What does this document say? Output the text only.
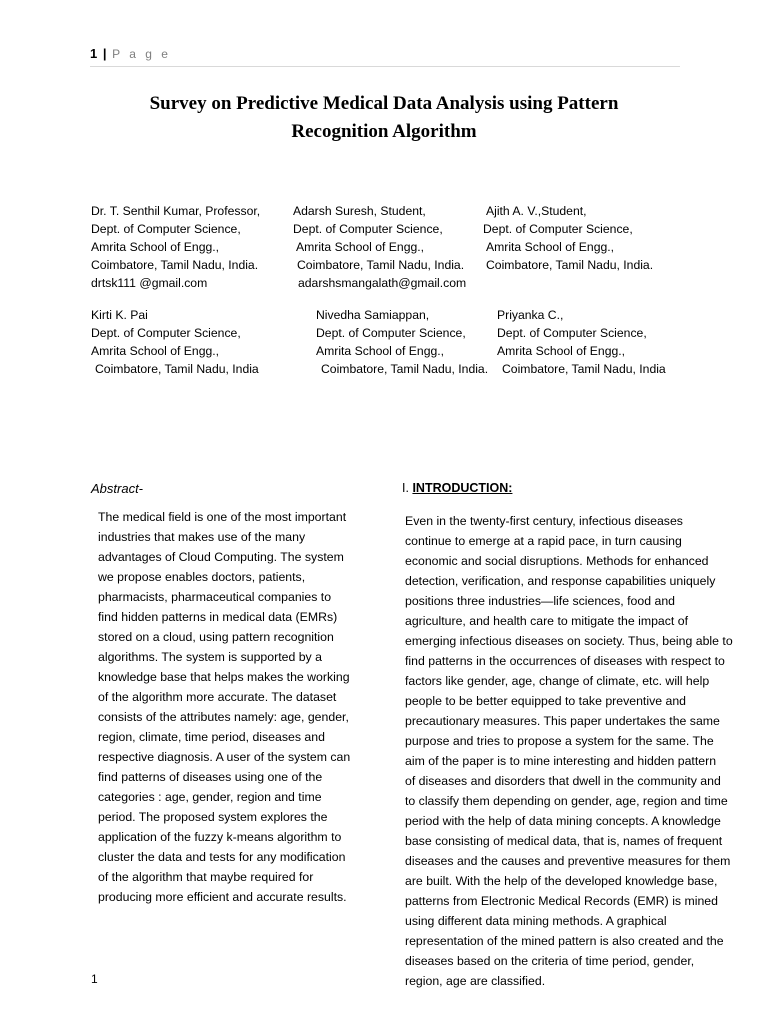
1 | P a g e
Survey on Predictive Medical Data Analysis using Pattern
Recognition Algorithm
Dr. T. Senthil Kumar, Professor,
Dept. of Computer Science,
Amrita School of Engg.,
Coimbatore, Tamil Nadu, India.
drtsk111 @gmail.com
Adarsh Suresh, Student,
Dept. of Computer Science,
Amrita School of Engg.,
Coimbatore, Tamil Nadu, India.
adarshsmangalath@gmail.com
Ajith A. V.,Student,
Dept. of Computer Science,
Amrita School of Engg.,
Coimbatore, Tamil Nadu, India.
Kirti K. Pai
Dept. of Computer Science,
Amrita School of Engg.,
Coimbatore, Tamil Nadu, India
Nivedha Samiappan,
Dept. of Computer Science,
Amrita School of Engg.,
Coimbatore, Tamil Nadu, India.
Priyanka C.,
Dept. of Computer Science,
Amrita School of Engg.,
Coimbatore, Tamil Nadu, India
Abstract-
The medical field is one of the most important
industries that makes use of the many
advantages of Cloud Computing. The system
we propose enables doctors, patients,
pharmacists, pharmaceutical companies to
find hidden patterns in medical data (EMRs)
stored on a cloud, using pattern recognition
algorithms. The system is supported by a
knowledge base that helps makes the working
of the algorithm more accurate. The dataset
consists of the attributes namely: age, gender,
region, climate, time period, diseases and
respective diagnosis. A user of the system can
find patterns of diseases using one of the
categories : age, gender, region and time
period. The proposed system explores the
application of the fuzzy k-means algorithm to
cluster the data and tests for any modification
of the algorithm that maybe required for
producing more efficient and accurate results.
I. INTRODUCTION:
Even in the twenty-first century, infectious diseases
continue to emerge at a rapid pace, in turn causing
economic and social disruptions. Methods for enhanced
detection, verification, and response capabilities uniquely
positions three industries—life sciences, food and
agriculture, and health care to mitigate the impact of
emerging infectious diseases on society. Thus, being able to
find patterns in the occurrences of diseases with respect to
factors like gender, age, change of climate, etc. will help
people to be better equipped to take preventive and
precautionary measures. This paper undertakes the same
purpose and tries to propose a system for the same. The
aim of the paper is to mine interesting and hidden pattern
of diseases and disorders that dwell in the community and
to classify them depending on gender, age, region and time
period with the help of data mining concepts. A knowledge
base consisting of medical data, that is, names of frequent
diseases and the causes and preventive measures for them
are built. With the help of the developed knowledge base,
patterns from Electronic Medical Records (EMR) is mined
using different data mining methods. A graphical
representation of the mined pattern is also created and the
diseases based on the criteria of time period, gender,
region, age are classified.
1
